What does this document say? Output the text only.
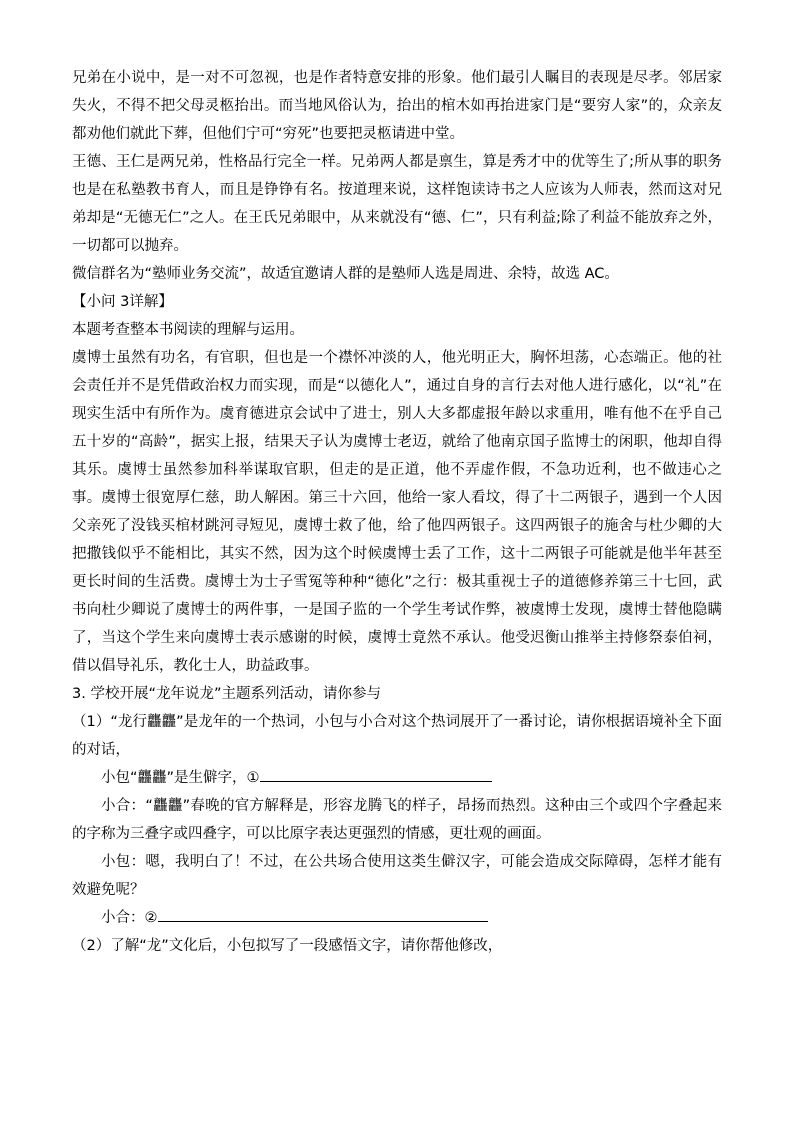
兄弟在小说中，是一对不可忽视，也是作者特意安排的形象。他们最引人瞩目的表现是尽孝。邻居家失火，不得不把父母灵柩抬出。而当地风俗认为，抬出的棺木如再抬进家门是“要穷人家”的，众亲友都劝他们就此下葬，但他们宁可“穷死”也要把灵柩请进中堂。

王德、王仁是两兄弟，性格品行完全一样。兄弟两人都是禀生，算是秀才中的优等生了;所从事的职务也是在私塾教书育人，而且是铮铮有名。按道理来说，这样饱读诗书之人应该为人师表，然而这对兄弟却是“无德无仁”之人。在王氏兄弟眼中，从来就没有“德、仁”，只有利益;除了利益不能放弃之外，一切都可以抛弃。

微信群名为“塾师业务交流”，故适宜邀请人群的是塾师人选是周进、余特，故选 AC。

【小问 3详解】

本题考查整本书阅读的理解与运用。

虞博士虽然有功名，有官职，但也是一个襟怀冲淡的人，他光明正大，胸怀坦荡，心态端正。他的社会责任并不是凭借政治权力而实现，而是“以德化人”，通过自身的言行去对他人进行感化，以“礼”在现实生活中有所作为。虞育德进京会试中了进士，别人大多都虚报年龄以求重用，唯有他不在乎自己五十岁的“高龄”，据实上报，结果天子认为虞博士老迈，就给了他南京国子监博士的闲职，他却自得其乐。虞博士虽然参加科举谋取官职，但走的是正道，他不弄虚作假，不急功近利，也不做违心之事。虞博士很宽厚仁慈，助人解困。第三十六回，他给一家人看坟，得了十二两银子，遇到一个人因父亲死了没钱买棺材跳河寻短见，虞博士救了他，给了他四两银子。这四两银子的施舍与杜少卿的大把撒钱似乎不能相比，其实不然，因为这个时候虞博士丢了工作，这十二两银子可能就是他半年甚至更长时间的生活费。虞博士为士子雪冤等种种“德化”之行：极其重视士子的道德修养第三十七回，武书向杜少卿说了虞博士的两件事，一是国子监的一个学生考试作弊，被虞博士发现，虞博士替他隐瞒了，当这个学生来向虞博士表示感谢的时候，虞博士竟然不承认。他受迟衡山推举主持修祭泰伯祠，借以倡导礼乐，教化士人，助益政事。

3. 学校开展“龙年说龙”主题系列活动，请你参与

（1）“龙行龘龘”是龙年的一个热词，小包与小合对这个热词展开了一番讨论，请你根据语境补全下面的对话，

小包“龘龘”是生僻字，①

小合：“龘龘”春晚的官方解释是，形容龙腾飞的样子，昂扬而热烈。这种由三个或四个字叠起来的字称为三叠字或四叠字，可以比原字表达更强烈的情感，更壮观的画面。

小包：嗯，我明白了！不过，在公共场合使用这类生僻汉字，可能会造成交际障碍，怎样才能有效避免呢？

小合：②

（2）了解“龙”文化后，小包拟写了一段感悟文字，请你帮他修改，
